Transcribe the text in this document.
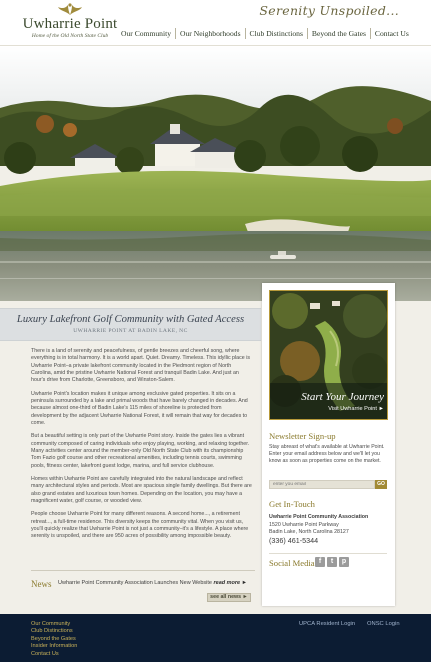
Uwharrie Point
Home of the Old North State Club
Serenity Unspoiled...
Our Community	Our Neighborhoods	Club Distinctions	Beyond the Gates	Contact Us
Luxury Lakefront Golf Community with Gated Access
UWHARRIE POINT AT BADIN LAKE, NC

There is a land of serenity and peacefulness, of gentle breezes and cheerful song, where everything is in total harmony. It is a world apart. Quiet. Dreamy. Timeless. This idyllic place is Uwharrie Point–a private lakefront community located in the Piedmont region of North Carolina, amid the pristine Uwharrie National Forest and tranquil Badin Lake. And just an hour's drive from Charlotte, Greensboro, and Winston-Salem.

Uwharrie Point's location makes it unique among exclusive gated properties. It sits on a peninsula surrounded by a lake and primal woods that have barely changed in decades. And because almost one-third of Badin Lake's 115 miles of shoreline is protected from development by the adjacent Uwharrie National Forest, it will remain that way for decades to come.

But a beautiful setting is only part of the Uwharrie Point story. Inside the gates lies a vibrant community composed of caring individuals who enjoy playing, working, and relaxing together. Many activities center around the member-only Old North State Club with its championship Tom Fazio golf course and other recreational amenities, including tennis courts, swimming pools, fitness center, lakefront guest lodge, marina, and full service clubhouse.

Homes within Uwharrie Point are carefully integrated into the natural landscape and reflect many architectural styles and periods. Most are spacious single family dwellings. But there are also grand estates and luxurious town homes. Depending on the location, you may have a magnificent water, golf course, or wooded view.

People choose Uwharrie Point for many different reasons. A second home..., a retirement retreat..., a full-time residence. This diversity keeps the community vital. When you visit us, you'll quickly realize that Uwharrie Point is not just a community–it's a lifestyle. A place where serenity is unspoiled, and there are 950 acres of possibility among impossible beauty.

News Uwharrie Point Community Association Launches New Website read more ►
see all news ►
Start Your Journey
Visit Uwharrie Point ►
Newsletter Sign-up
Stay abreast of what's available at Uwharrie Point. Enter your email address below and we'll let you know as soon as properties come on the market.
enter you email
GO
Get In-Touch
Uwharrie Point Community Association
1520 Uwharrie Point Parkway
Badin Lake, North Carolina 28127
(336) 461-5344
Social Media f	t	p
Our Community
Club Distinctions
Beyond the Gates
Insider Information
Contact Us
UPCA Resident Login ONSC Login
